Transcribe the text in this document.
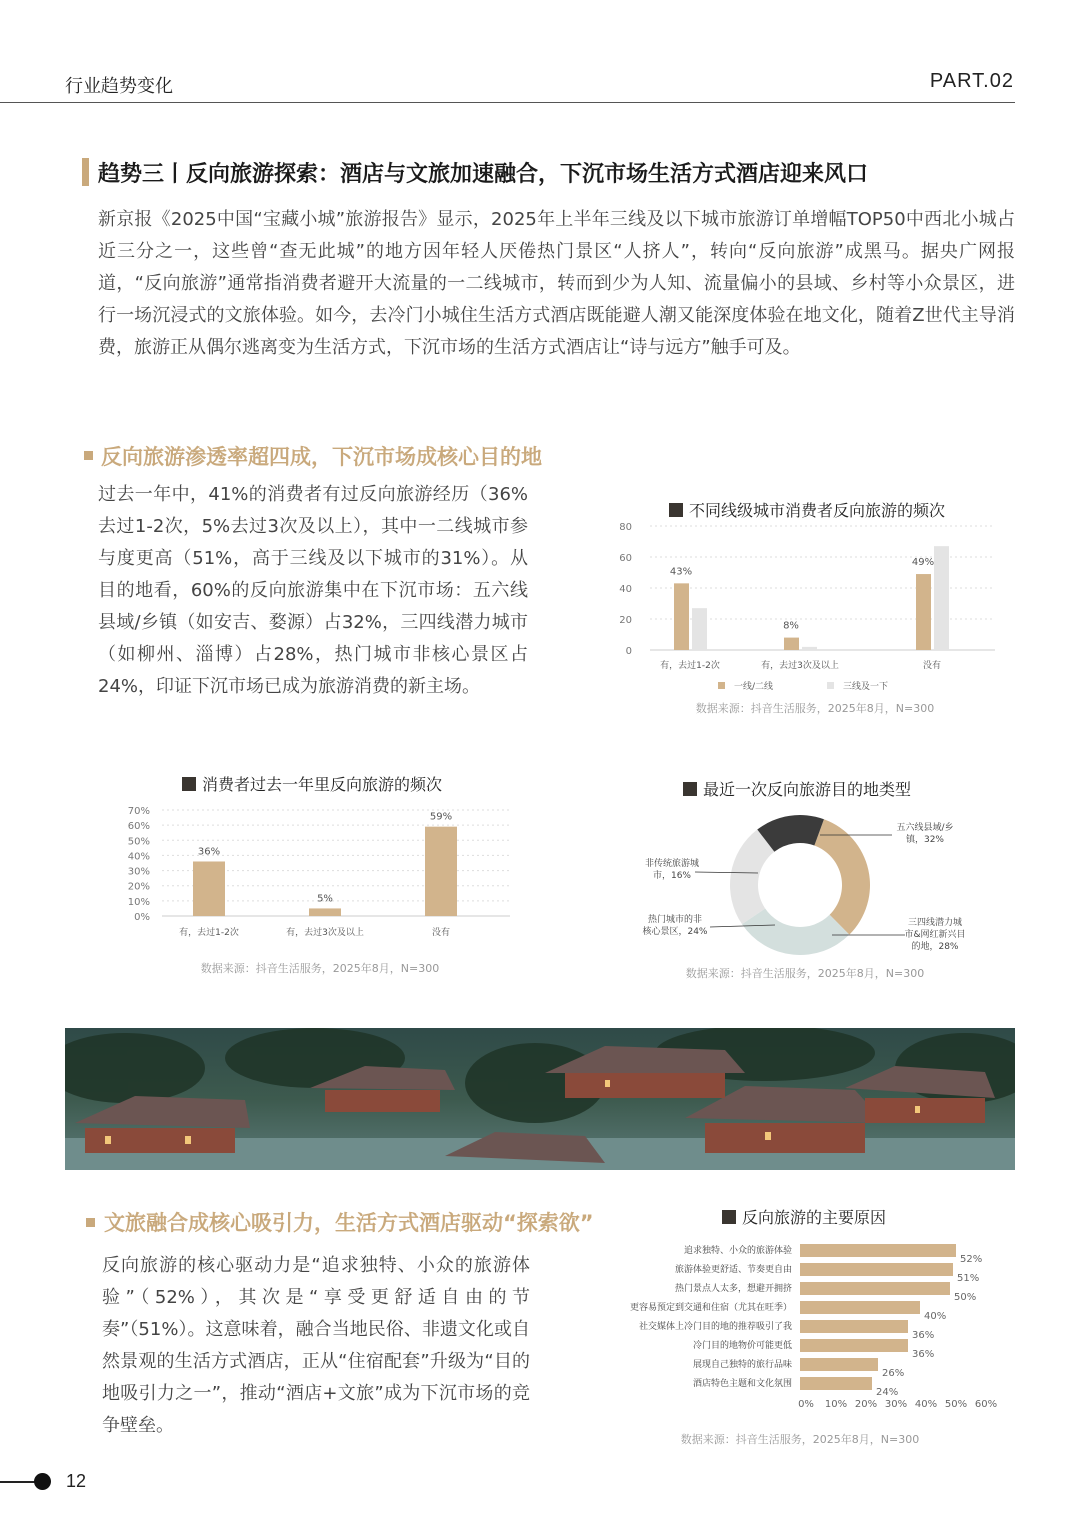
行业趋势变化	PART.02
趋势三丨反向旅游探索：酒店与文旅加速融合，下沉市场生活方式酒店迎来风口
新京报《2025中国“宝藏小城”旅游报告》显示，2025年上半年三线及以下城市旅游订单增幅TOP50中西北小城占近三分之一，这些曾“查无此城”的地方因年轻人厌倦热门景区“人挤人”，转向“反向旅游”成黑马。据央广网报道，“反向旅游”通常指消费者避开大流量的一二线城市，转而到少为人知、流量偏小的县域、乡村等小众景区，进行一场沉浸式的文旅体验。如今，去冷门小城住生活方式酒店既能避人潮又能深度体验在地文化，随着Z世代主导消费，旅游正从偶尔逃离变为生活方式，下沉市场的生活方式酒店让“诗与远方”触手可及。
反向旅游渗透率超四成，下沉市场成核心目的地
过去一年中，41%的消费者有过反向旅游经历（36%去过1-2次，5%去过3次及以上），其中一二线城市参与度更高（51%，高于三线及以下城市的31%）。从目的地看，60%的反向旅游集中在下沉市场：五六线县域/乡镇（如安吉、婺源）占32%，三四线潜力城市（如柳州、淄博）占28%，热门城市非核心景区占24%，印证下沉市场已成为旅游消费的新主场。
不同线级城市消费者反向旅游的频次
0
20
40
60
80
有，去过1-2次
43%
有，去过3次及以上
8%
没有
49%
一线/二线	三线及一下
数据来源：抖音生活服务，2025年8月，N=300
消费者过去一年里反向旅游的频次
0%
10%
20%
30%
40%
50%
60%
70%
36%
有，去过1-2次
5%
有，去过3次及以上
59%
没有
数据来源：抖音生活服务，2025年8月，N=300
最近一次反向旅游目的地类型
五六线县域/乡镇，32%
三四线潜力城市&网红新兴目的地，28%
热门城市的非核心景区，24%
非传统旅游城市，16%
数据来源：抖音生活服务，2025年8月，N=300
文旅融合成核心吸引力，生活方式酒店驱动“探索欲”
反向旅游的核心驱动力是“追求独特、小众的旅游体验”（52%），其次是“享受更舒适自由的节奏”（51%）。这意味着，融合当地民俗、非遗文化或自然景观的生活方式酒店，正从“住宿配套”升级为“目的地吸引力之一”，推动“酒店+文旅”成为下沉市场的竞争壁垒。
反向旅游的主要原因
追求独特、小众的旅游体验
52%
旅游体验更舒适、节奏更自由
51%
热门景点人太多，想避开拥挤
50%
更容易预定到交通和住宿（尤其在旺季）
40%
社交媒体上冷门目的地的推荐吸引了我
36%
冷门目的地物价可能更低
36%
展现自己独特的旅行品味
26%
酒店特色主题和文化氛围
24%
0% 10% 20% 30% 40% 50% 60%
数据来源：抖音生活服务，2025年8月，N=300
12
